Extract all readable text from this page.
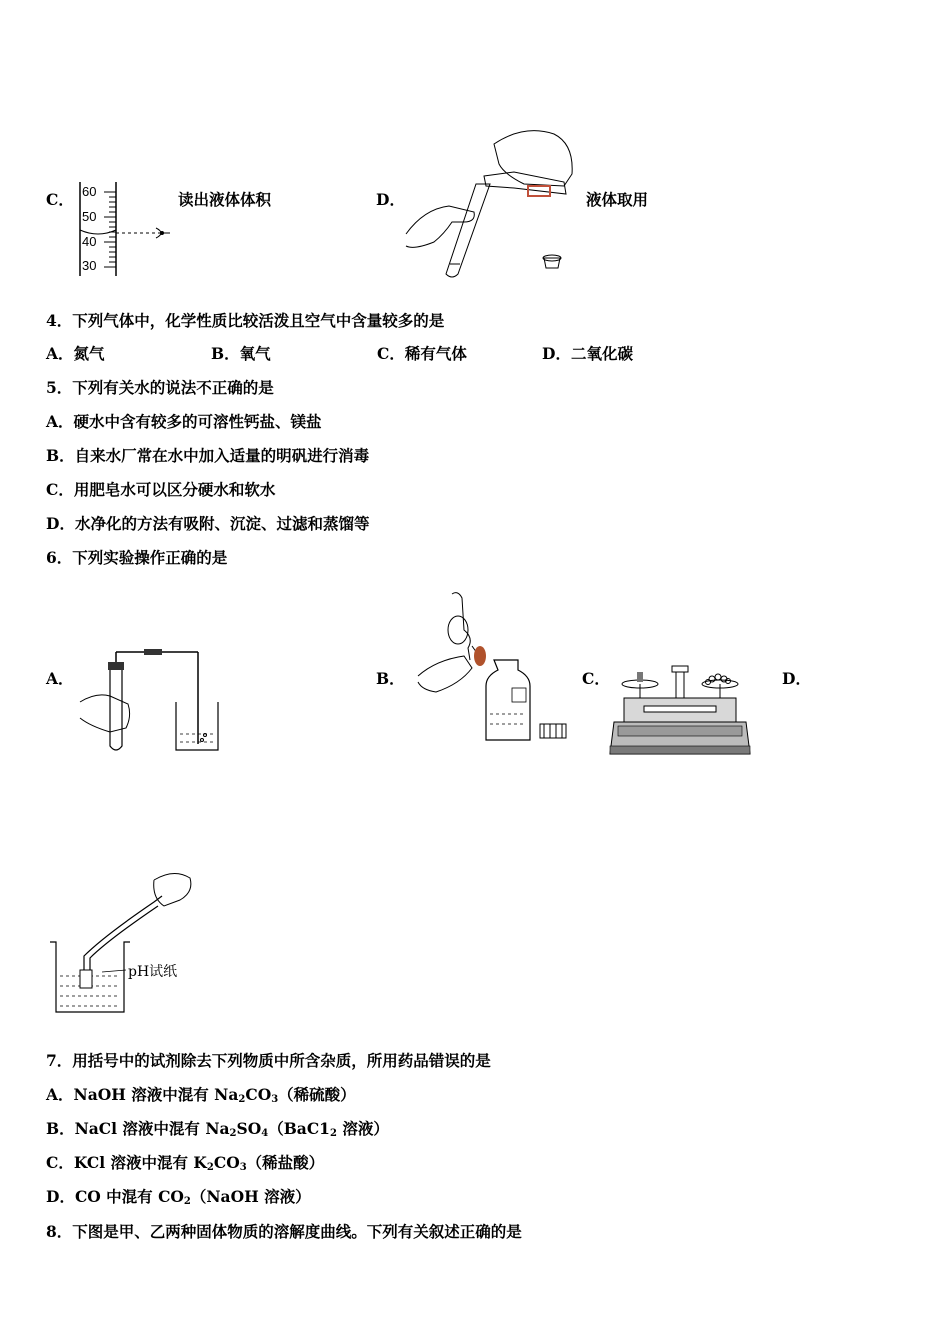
C． 60
50
40
30
读出液体体积	D．	液体取用
4．下列气体中，化学性质比较活泼且空气中含量较多的是
A．氮气	B．氧气	C．稀有气体	D．二氧化碳
5．下列有关水的说法不正确的是
A．硬水中含有较多的可溶性钙盐、镁盐
B．自来水厂常在水中加入适量的明矾进行消毒
C．用肥皂水可以区分硬水和软水
D．水净化的方法有吸附、沉淀、过滤和蒸馏等
6．下列实验操作正确的是
A．	B．	C．	D．
pH试纸
7．用括号中的试剂除去下列物质中所含杂质，所用药品错误的是
A．NaOH 溶液中混有 $Na_2CO_3$（稀硫酸）
B．NaCl 溶液中混有 $Na_2SO_4(BaC1_2$ 溶液）
C．KCl 溶液中混有 $K_2CO_3$（稀盐酸）
D．CO 中混有 $CO_2(NaOH$ 溶液）
8．下图是甲、乙两种固体物质的溶解度曲线。下列有关叙述正确的是
